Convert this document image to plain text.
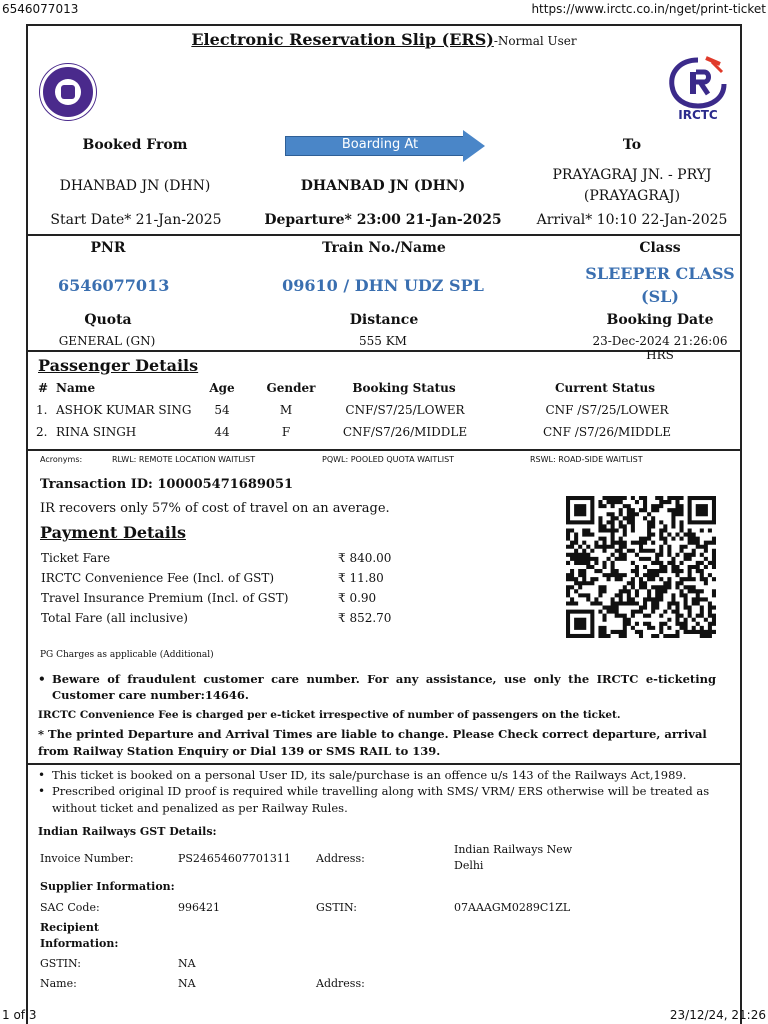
6546077013	https://www.irctc.co.in/nget/print-ticket
Electronic Reservation Slip (ERS)-Normal User
IRCTC
Booked From	Boarding At	To
DHANBAD JN (DHN)	DHANBAD JN (DHN)
PRAYAGRAJ JN. - PRYJ
(PRAYAGRAJ)
Start Date* 21-Jan-2025	Departure* 23:00 21-Jan-2025	Arrival* 10:10 22-Jan-2025
PNR	Train No./Name	Class
6546077013	09610 / DHN UDZ SPL
SLEEPER CLASS
(SL)
Quota	Distance	Booking Date
GENERAL (GN)	555 KM	23-Dec-2024 21:26:06 HRS
Passenger Details
# Name	Age	Gender	Booking Status	Current Status
1. ASHOK KUMAR SING	54	M	CNF/S7/25/LOWER	CNF /S7/25/LOWER
2. RINA SINGH	44	F	CNF/S7/26/MIDDLE	CNF /S7/26/MIDDLE
Acronyms:	RLWL: REMOTE LOCATION WAITLIST	PQWL: POOLED QUOTA WAITLIST	RSWL: ROAD-SIDE WAITLIST
Transaction ID: 100005471689051
IR recovers only 57% of cost of travel on an average.
Payment Details
Ticket Fare	₹ 840.00
IRCTC Convenience Fee (Incl. of GST)	₹ 11.80
Travel Insurance Premium (Incl. of GST)	₹ 0.90
Total Fare (all inclusive)	₹ 852.70
PG Charges as applicable (Additional)
• Beware of fraudulent customer care number. For any assistance, use only the IRCTC e-ticketing
Customer care number:14646.
IRCTC Convenience Fee is charged per e-ticket irrespective of number of passengers on the ticket.
* The printed Departure and Arrival Times are liable to change. Please Check correct departure, arrival
from Railway Station Enquiry or Dial 139 or SMS RAIL to 139.
• This ticket is booked on a personal User ID, its sale/purchase is an offence u/s 143 of the Railways Act,1989.
• Prescribed original ID proof is required while travelling along with SMS/ VRM/ ERS otherwise will be treated as
without ticket and penalized as per Railway Rules.
Indian Railways GST Details:
Invoice Number:	PS24654607701311 Address:
Indian Railways New
Delhi
Supplier Information:
SAC Code:	996421	GSTIN:	07AAAGM0289C1ZL
Recipient
Information:
GSTIN:	NA
Name:	NA	Address:
1 of 3	23/12/24, 21:26
